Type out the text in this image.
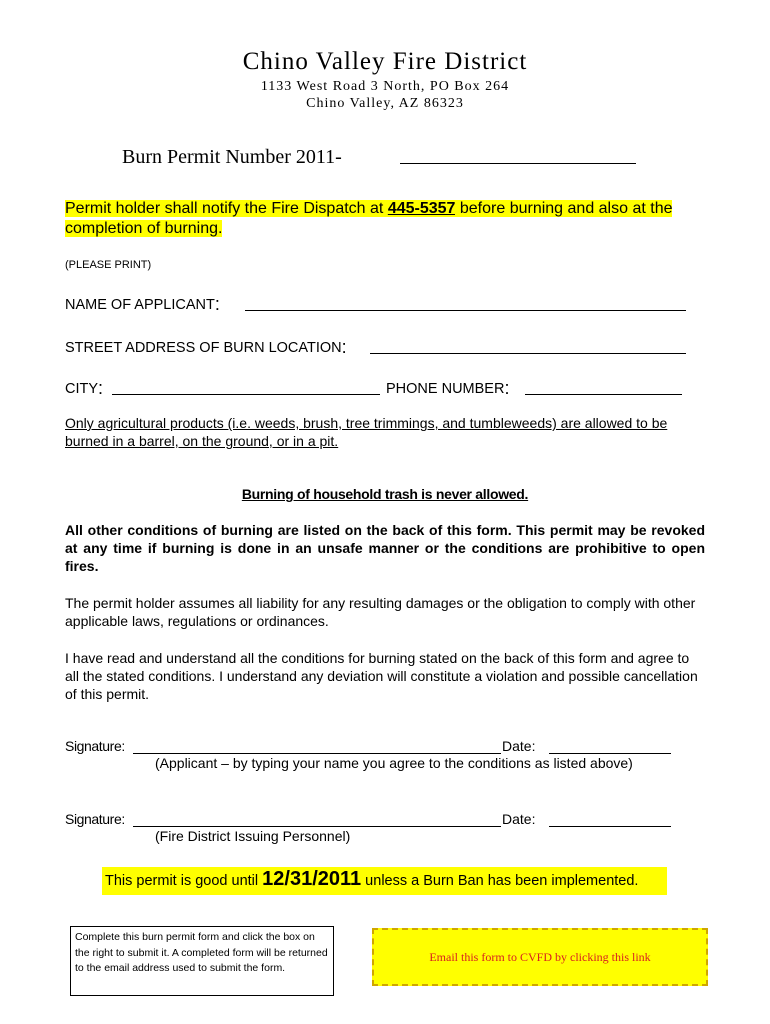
Chino Valley Fire District
1133 West Road 3 North, PO Box 264
Chino Valley, AZ 86323
Burn Permit Number 2011-
Permit holder shall notify the Fire Dispatch at 445-5357 before burning and also at the completion of burning.
(PLEASE PRINT)
NAME OF APPLICANT:
STREET ADDRESS OF BURN LOCATION:
CITY:	PHONE NUMBER:
Only agricultural products (i.e. weeds, brush, tree trimmings, and tumbleweeds) are allowed to be burned in a barrel, on the ground, or in a pit.
Burning of household trash is never allowed.
All other conditions of burning are listed on the back of this form. This permit may be revoked at any time if burning is done in an unsafe manner or the conditions are prohibitive to open fires.
The permit holder assumes all liability for any resulting damages or the obligation to comply with other applicable laws, regulations or ordinances.
I have read and understand all the conditions for burning stated on the back of this form and agree to all the stated conditions. I understand any deviation will constitute a violation and possible cancellation of this permit.
Signature:	Date:
(Applicant – by typing your name you agree to the conditions as listed above)
Signature:	Date:
(Fire District Issuing Personnel)
This permit is good until 12/31/2011 unless a Burn Ban has been implemented.
Complete this burn permit form and click the box on the right to submit it. A completed form will be returned to the email address used to submit the form.
Email this form to CVFD by clicking this link
